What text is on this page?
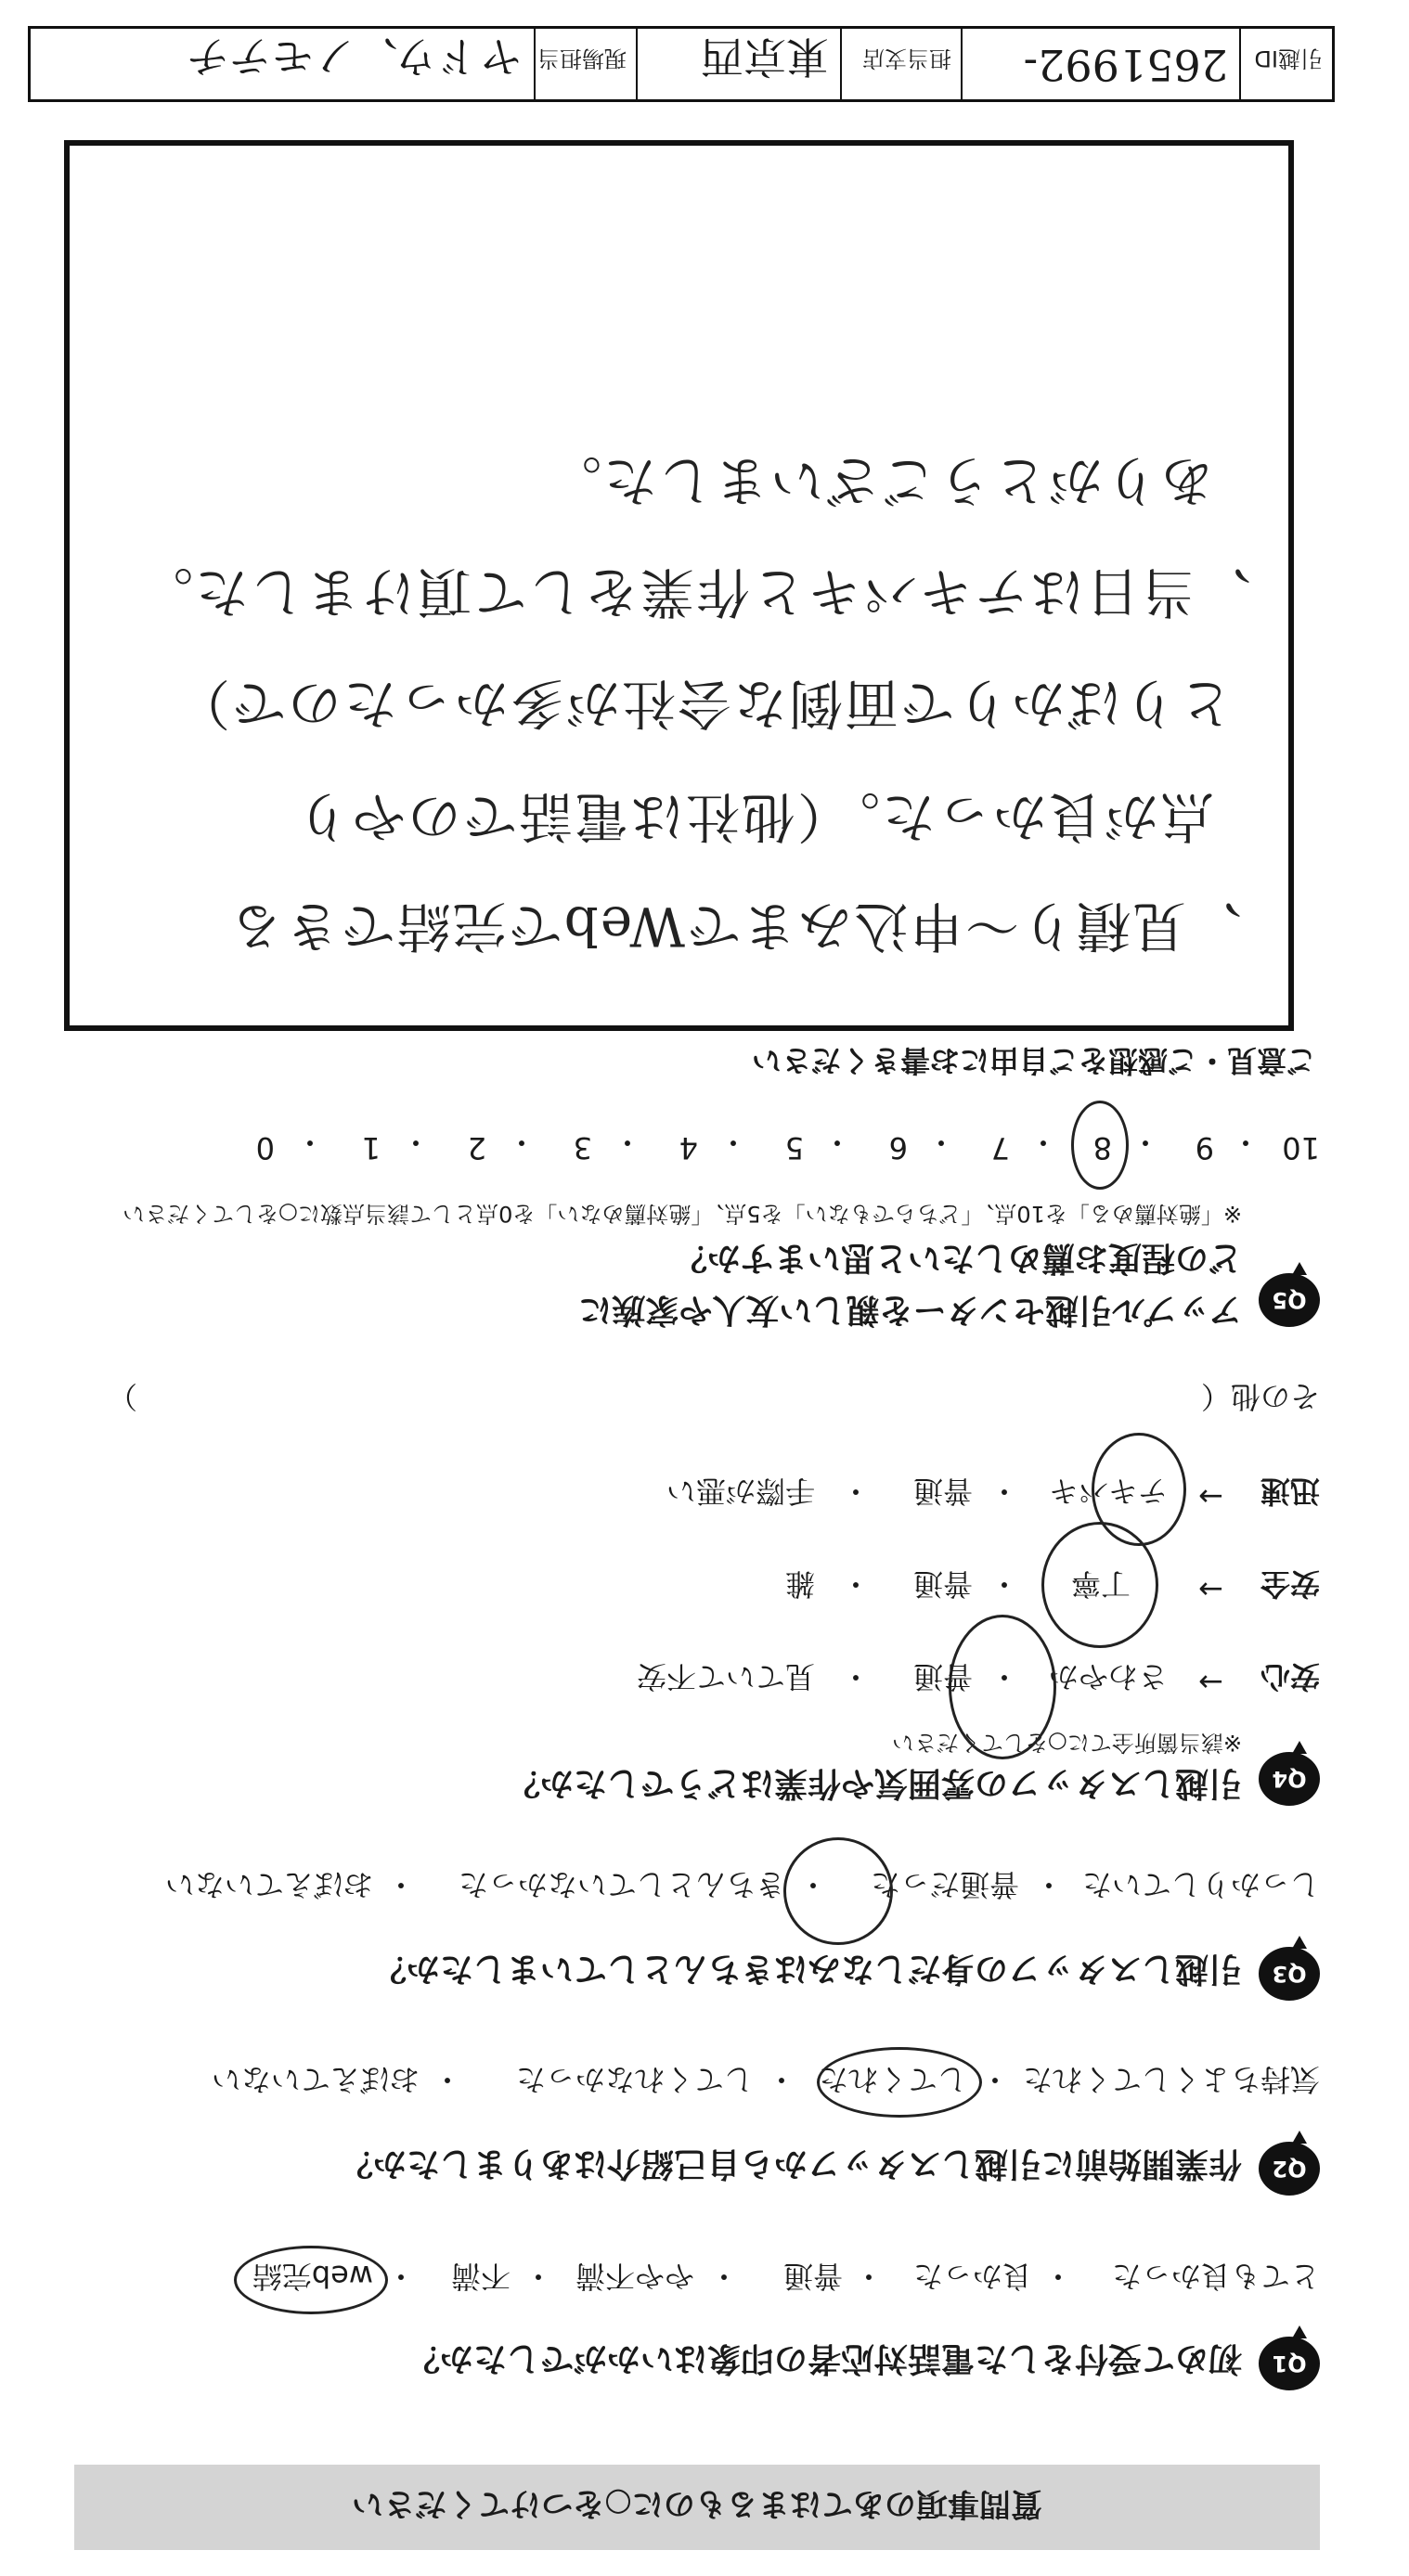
質問事項のあてはまるものに○をつけてください
Q1
初めて受付をした電話対応者の印象はいかがでしたか？
とても良かった
・
良かった
・
普通
・
やや不満
・
不満
・
web完結
Q2
作業開始前に引越しスタッフから自己紹介はありましたか？
気持ちよくしてくれた
・
してくれた
・
してくれなかった
・
おぼえていない
Q3
引越しスタッフの身だしなみはきちんとしていましたか？
しっかりしていた
・
普通だった
・
きちんとしていなかった
・
おぼえていない
Q4
引越しスタッフの雰囲気や作業はどうでしたか？
※該当箇所全てに○をしてください
安心
→
さわやか
・
普通
・
見ていて不安
安全
→
丁寧
・
普通
・
雑
迅速
→
テキパキ
・
普通
・
手際が悪い
その他（
）
Q5
アップル引越センターを親しい友人や家族に
どの程度お薦めしたいと思いますか？
※「絶対薦める」を10点、「どちらでもない」を5点、「絶対薦めない」を0点として該当点数に○をしてください
10
・
9
・
8
・
7
・
6
・
5
・
4
・
3
・
2
・
1
・
0
ご意見・ご感想をご自由にお書きください
、見積り〜申込みまでWebで完結できる
点が良かった。（他社は電話でのやり
とりばかりで面倒な会社が多かったので）
、当日はテキパキと作業をして頂けました。
ありがとうございました。
引越ID
2651992-
担当支店
東京西
現場担当
ヤドウ、ノモテチ
